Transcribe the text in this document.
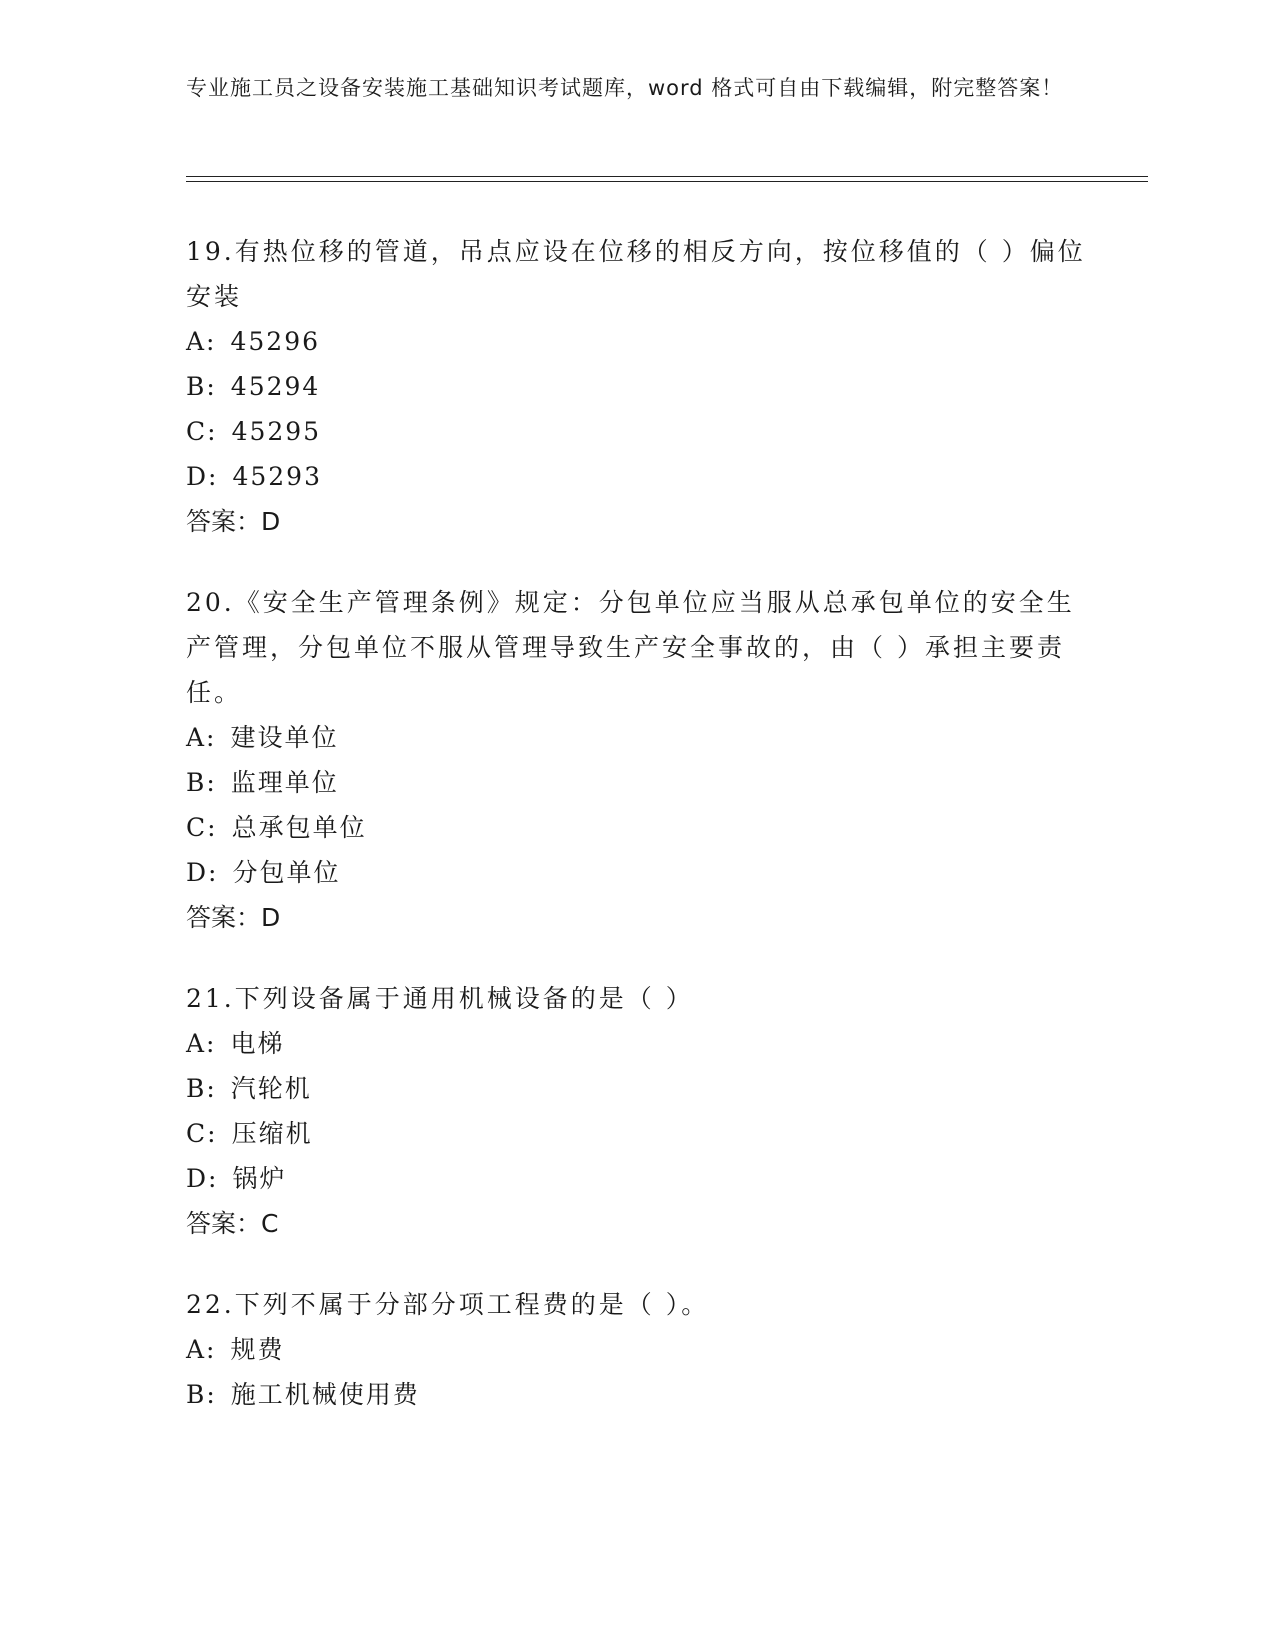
专业施工员之设备安装施工基础知识考试题库，word 格式可自由下载编辑，附完整答案！

19.有热位移的管道，吊点应设在位移的相反方向，按位移值的（ ）偏位安装

A: 45296

B: 45294

C: 45295

D: 45293

答案：D

20.《安全生产管理条例》规定：分包单位应当服从总承包单位的安全生产管理，分包单位不服从管理导致生产安全事故的，由（ ）承担主要责任。

A: 建设单位

B: 监理单位

C: 总承包单位

D: 分包单位

答案：D

21.下列设备属于通用机械设备的是（ ）

A: 电梯

B: 汽轮机

C: 压缩机

D: 锅炉

答案：C

22.下列不属于分部分项工程费的是（ ）。

A: 规费

B: 施工机械使用费
